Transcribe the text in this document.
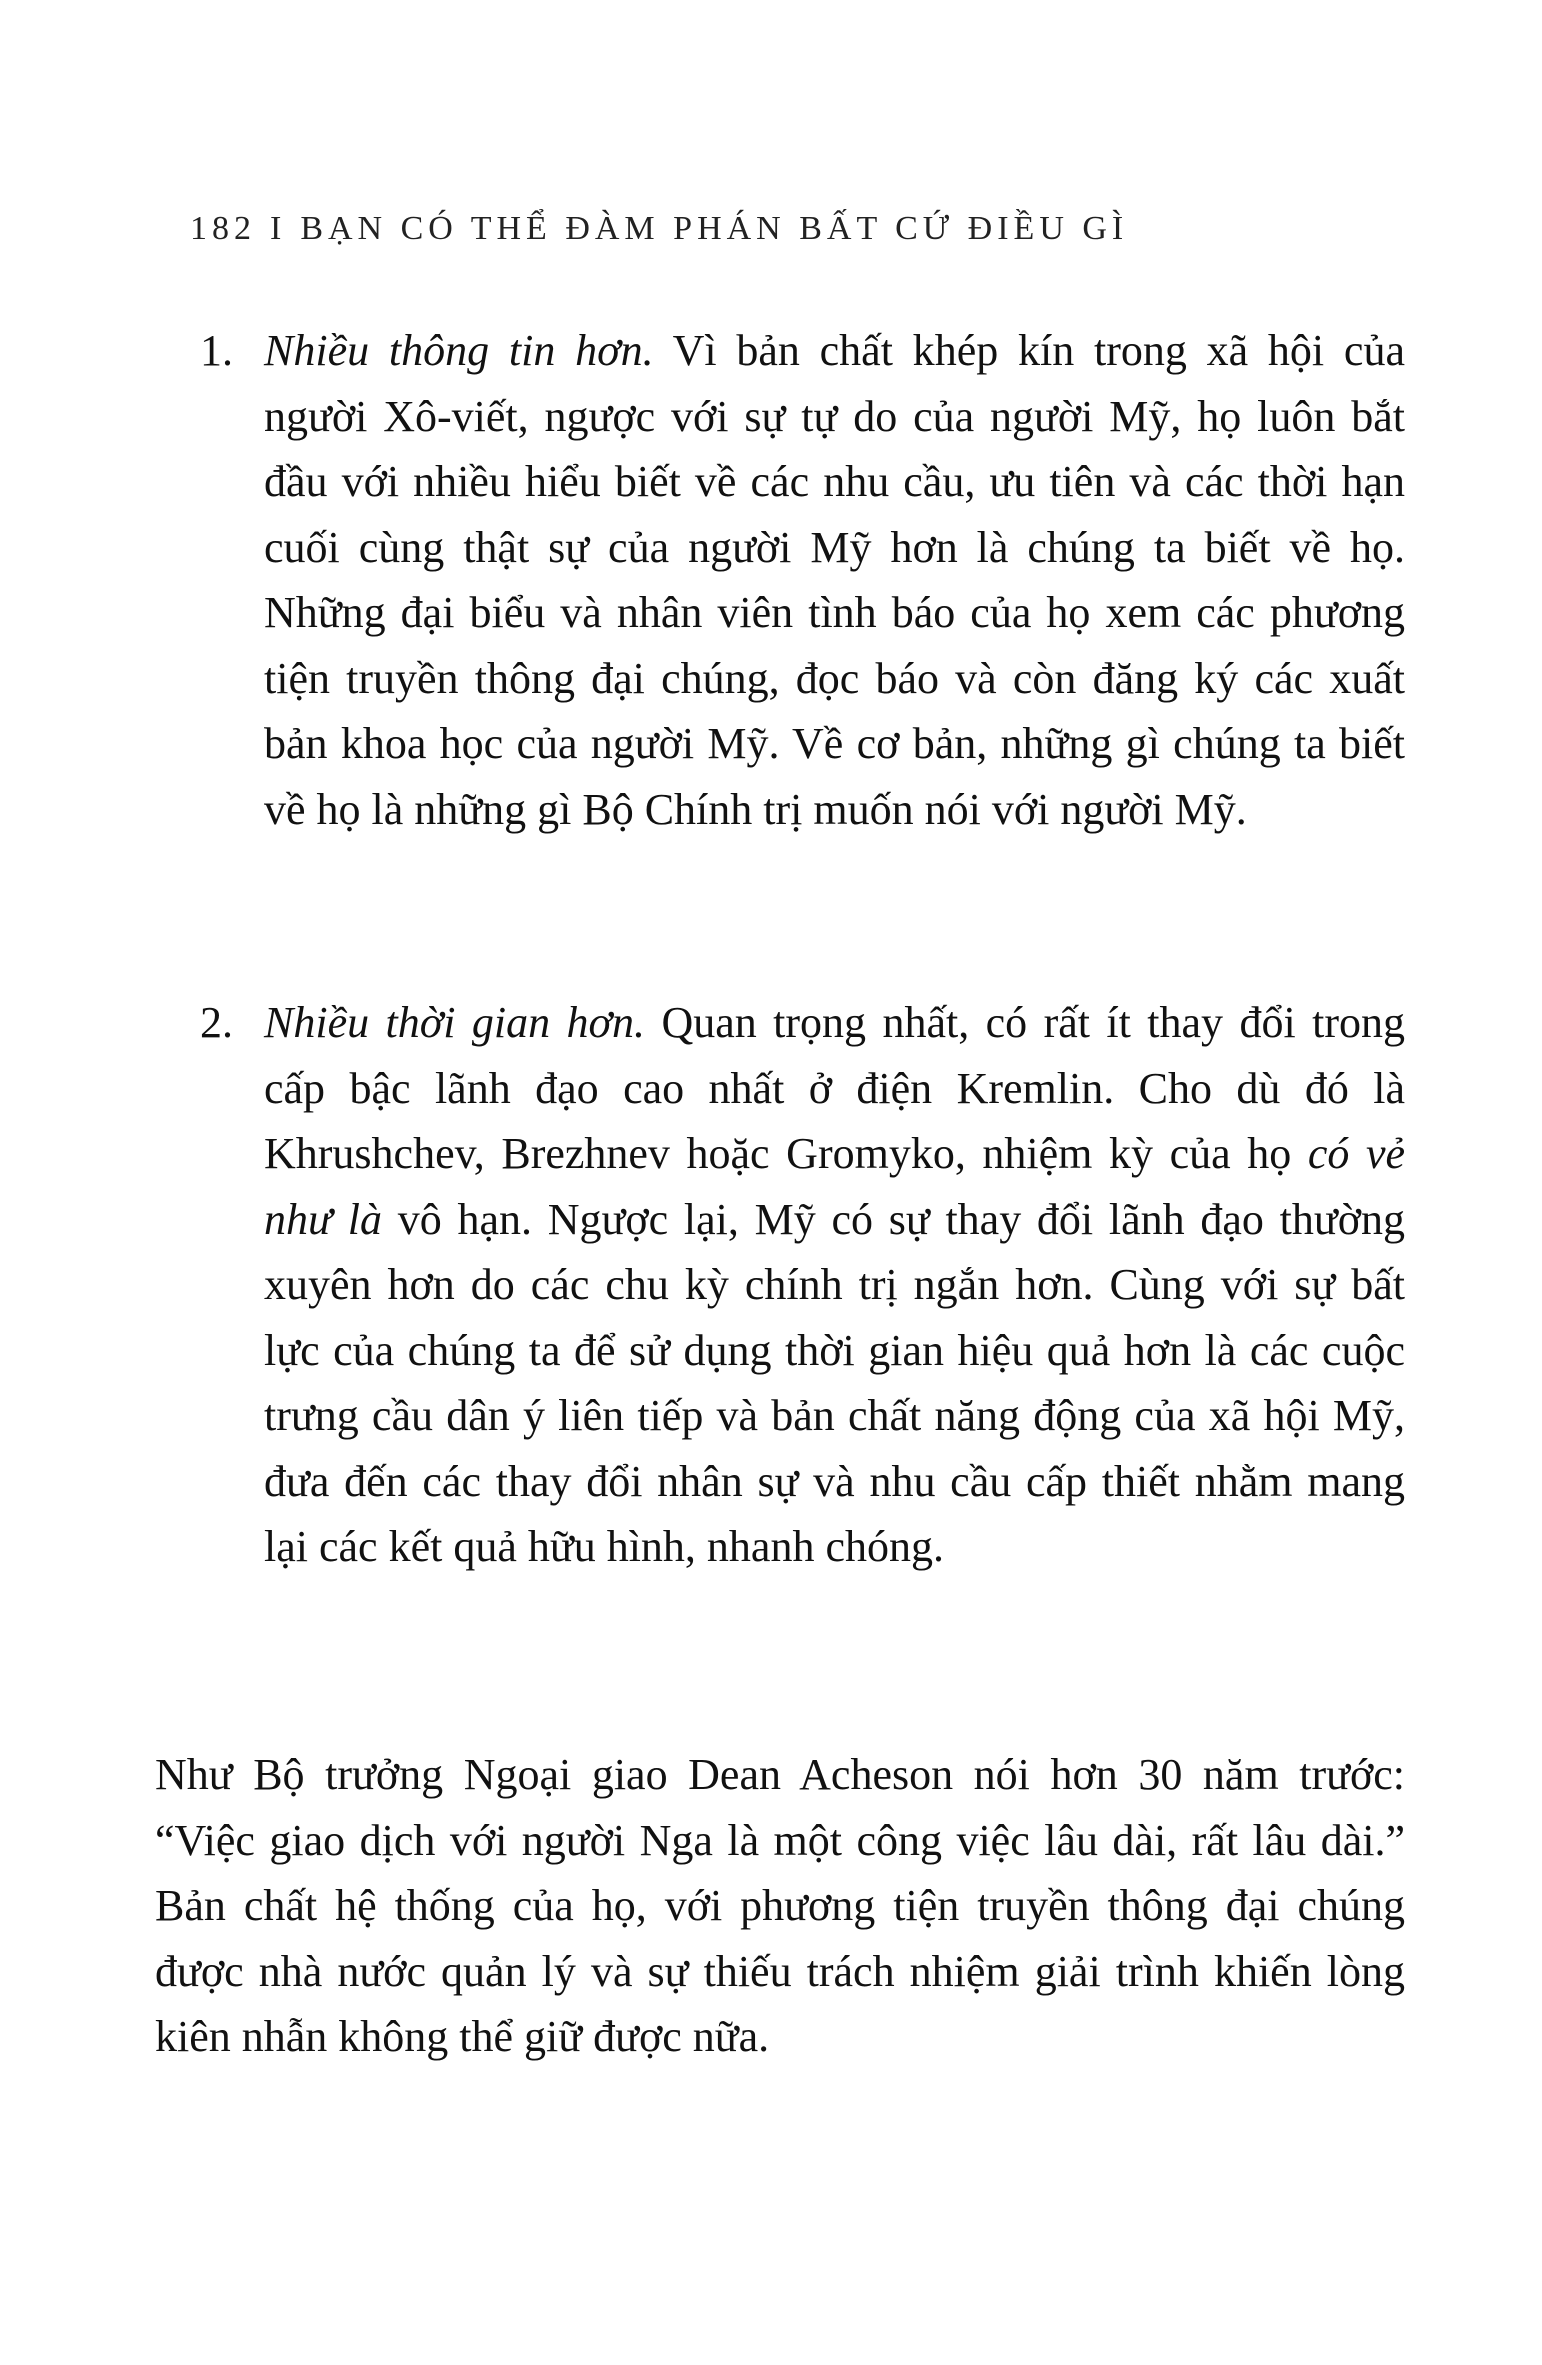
182 I BẠN CÓ THỂ ĐÀM PHÁN BẤT CỨ ĐIỀU GÌ
1. Nhiều thông tin hơn. Vì bản chất khép kín trong xã hội của người Xô-viết, ngược với sự tự do của người Mỹ, họ luôn bắt đầu với nhiều hiểu biết về các nhu cầu, ưu tiên và các thời hạn cuối cùng thật sự của người Mỹ hơn là chúng ta biết về họ. Những đại biểu và nhân viên tình báo của họ xem các phương tiện truyền thông đại chúng, đọc báo và còn đăng ký các xuất bản khoa học của người Mỹ. Về cơ bản, những gì chúng ta biết về họ là những gì Bộ Chính trị muốn nói với người Mỹ.
2. Nhiều thời gian hơn. Quan trọng nhất, có rất ít thay đổi trong cấp bậc lãnh đạo cao nhất ở điện Kremlin. Cho dù đó là Khrushchev, Brezhnev hoặc Gromyko, nhiệm kỳ của họ có vẻ như là vô hạn. Ngược lại, Mỹ có sự thay đổi lãnh đạo thường xuyên hơn do các chu kỳ chính trị ngắn hơn. Cùng với sự bất lực của chúng ta để sử dụng thời gian hiệu quả hơn là các cuộc trưng cầu dân ý liên tiếp và bản chất năng động của xã hội Mỹ, đưa đến các thay đổi nhân sự và nhu cầu cấp thiết nhằm mang lại các kết quả hữu hình, nhanh chóng.
Như Bộ trưởng Ngoại giao Dean Acheson nói hơn 30 năm trước: “Việc giao dịch với người Nga là một công việc lâu dài, rất lâu dài.” Bản chất hệ thống của họ, với phương tiện truyền thông đại chúng được nhà nước quản lý và sự thiếu trách nhiệm giải trình khiến lòng kiên nhẫn không thể giữ được nữa.
